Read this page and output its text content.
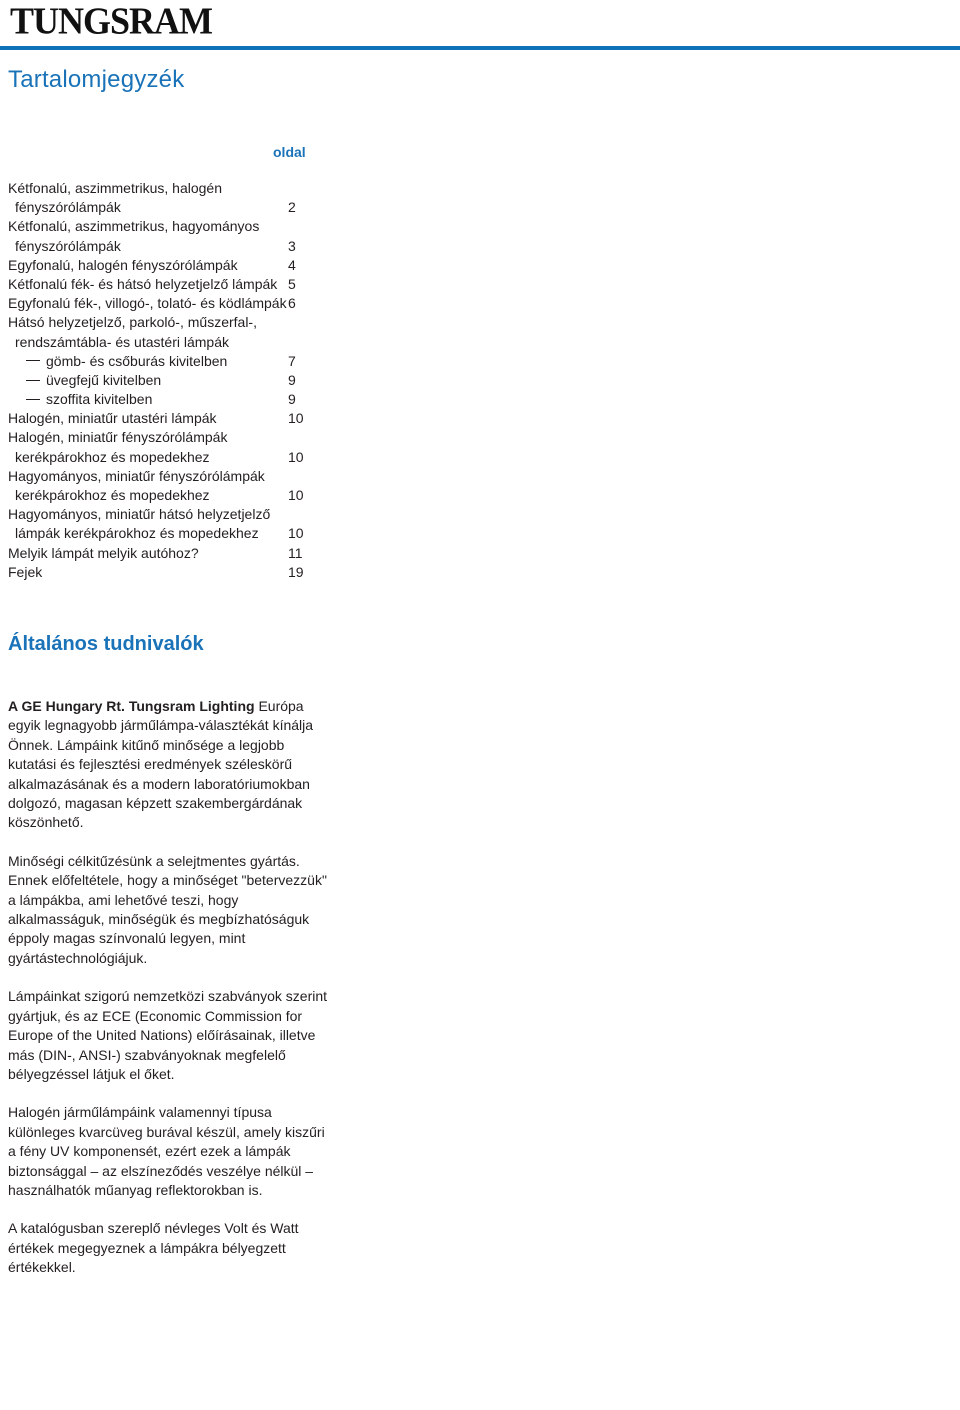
TUNGSRAM
Tartalomjegyzék
oldal
Kétfonalú, aszimmetrikus, halogén
fényszórólámpák	2
Kétfonalú, aszimmetrikus, hagyományos
fényszórólámpák	3
Egyfonalú, halogén fényszórólámpák	4
Kétfonalú fék- és hátsó helyzetjelző lámpák 5
Egyfonalú fék-, villogó-, tolató- és ködlámpák 6
Hátsó helyzetjelző, parkoló-, műszerfal-,
rendszámtábla- és utastéri lámpák
gömb- és csőburás kivitelben	7
üvegfejű kivitelben	9
szoffita kivitelben	9
Halogén, miniatűr utastéri lámpák	10
Halogén, miniatűr fényszórólámpák
kerékpárokhoz és mopedekhez	10
Hagyományos, miniatűr fényszórólámpák
kerékpárokhoz és mopedekhez	10
Hagyományos, miniatűr hátsó helyzetjelző
lámpák kerékpárokhoz és mopedekhez 10
Melyik lámpát melyik autóhoz?	11
Fejek	19
Általános tudnivalók

A GE Hungary Rt. Tungsram Lighting Európa
egyik legnagyobb járműlámpa-választékát kínálja
Önnek. Lámpáink kitűnő minősége a legjobb
kutatási és fejlesztési eredmények széleskörű
alkalmazásának és a modern laboratóriumokban
dolgozó, magasan képzett szakembergárdának
köszönhető.

Minőségi célkitűzésünk a selejtmentes gyártás.
Ennek előfeltétele, hogy a minőséget "betervezzük"
a lámpákba, ami lehetővé teszi, hogy
alkalmasságuk, minőségük és megbízhatóságuk
éppoly magas színvonalú legyen, mint
gyártástechnológiájuk.

Lámpáinkat szigorú nemzetközi szabványok szerint
gyártjuk, és az ECE (Economic Commission for
Europe of the United Nations) előírásainak, illetve
más (DIN-, ANSI-) szabványoknak megfelelő
bélyegzéssel látjuk el őket.

Halogén járműlámpáink valamennyi típusa
különleges kvarcüveg burával készül, amely kiszűri
a fény UV komponensét, ezért ezek a lámpák
biztonsággal – az elszíneződés veszélye nélkül –
használhatók műanyag reflektorokban is.

A katalógusban szereplő névleges Volt és Watt
értékek megegyeznek a lámpákra bélyegzett
értékekkel.
